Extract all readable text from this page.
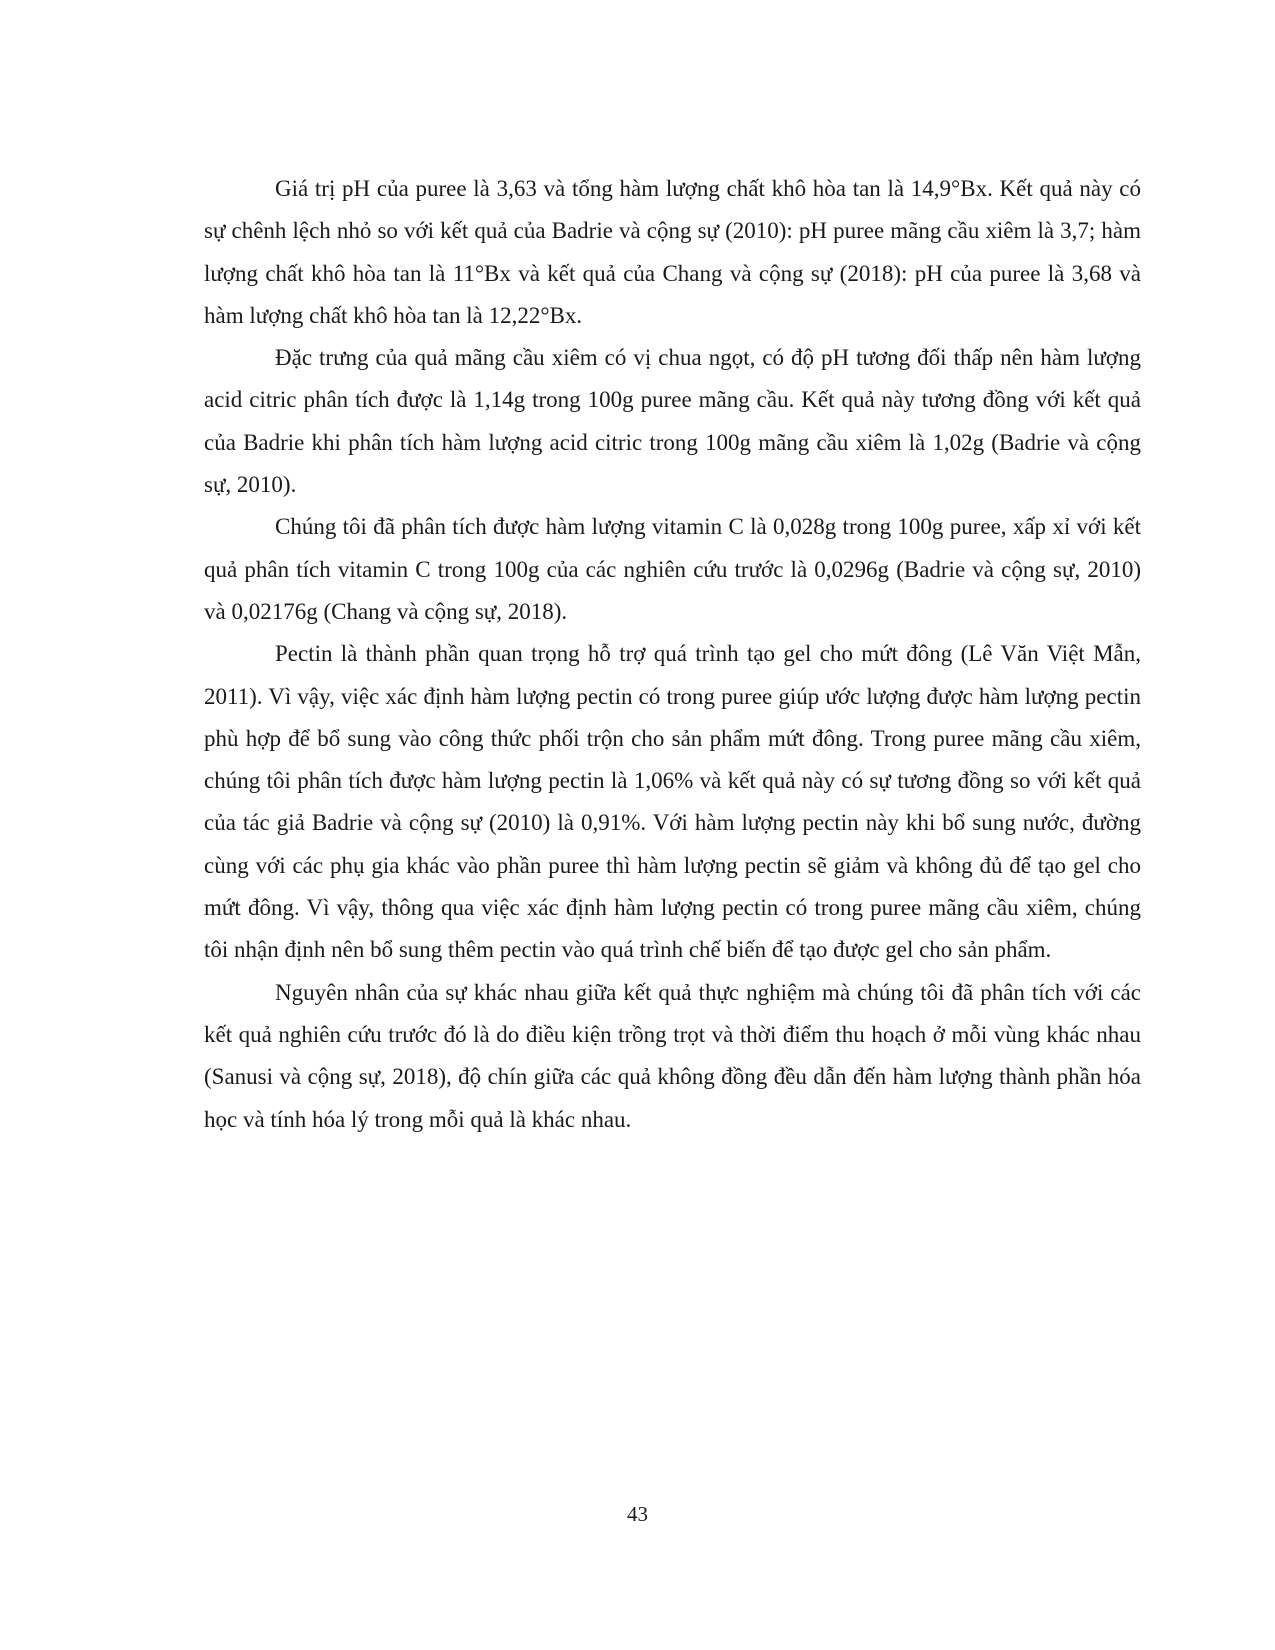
Giá trị pH của puree là 3,63 và tổng hàm lượng chất khô hòa tan là 14,9°Bx. Kết quả này có sự chênh lệch nhỏ so với kết quả của Badrie và cộng sự (2010): pH puree mãng cầu xiêm là 3,7; hàm lượng chất khô hòa tan là 11°Bx và kết quả của Chang và cộng sự (2018): pH của puree là 3,68 và hàm lượng chất khô hòa tan là 12,22°Bx.

Đặc trưng của quả mãng cầu xiêm có vị chua ngọt, có độ pH tương đối thấp nên hàm lượng acid citric phân tích được là 1,14g trong 100g puree mãng cầu. Kết quả này tương đồng với kết quả của Badrie khi phân tích hàm lượng acid citric trong 100g mãng cầu xiêm là 1,02g (Badrie và cộng sự, 2010).

Chúng tôi đã phân tích được hàm lượng vitamin C là 0,028g trong 100g puree, xấp xỉ với kết quả phân tích vitamin C trong 100g của các nghiên cứu trước là 0,0296g (Badrie và cộng sự, 2010) và 0,02176g (Chang và cộng sự, 2018).

Pectin là thành phần quan trọng hỗ trợ quá trình tạo gel cho mứt đông (Lê Văn Việt Mẫn, 2011). Vì vậy, việc xác định hàm lượng pectin có trong puree giúp ước lượng được hàm lượng pectin phù hợp để bổ sung vào công thức phối trộn cho sản phẩm mứt đông. Trong puree mãng cầu xiêm, chúng tôi phân tích được hàm lượng pectin là 1,06% và kết quả này có sự tương đồng so với kết quả của tác giả Badrie và cộng sự (2010) là 0,91%. Với hàm lượng pectin này khi bổ sung nước, đường cùng với các phụ gia khác vào phần puree thì hàm lượng pectin sẽ giảm và không đủ để tạo gel cho mứt đông. Vì vậy, thông qua việc xác định hàm lượng pectin có trong puree mãng cầu xiêm, chúng tôi nhận định nên bổ sung thêm pectin vào quá trình chế biến để tạo được gel cho sản phẩm.

Nguyên nhân của sự khác nhau giữa kết quả thực nghiệm mà chúng tôi đã phân tích với các kết quả nghiên cứu trước đó là do điều kiện trồng trọt và thời điểm thu hoạch ở mỗi vùng khác nhau (Sanusi và cộng sự, 2018), độ chín giữa các quả không đồng đều dẫn đến hàm lượng thành phần hóa học và tính hóa lý trong mỗi quả là khác nhau.

43
